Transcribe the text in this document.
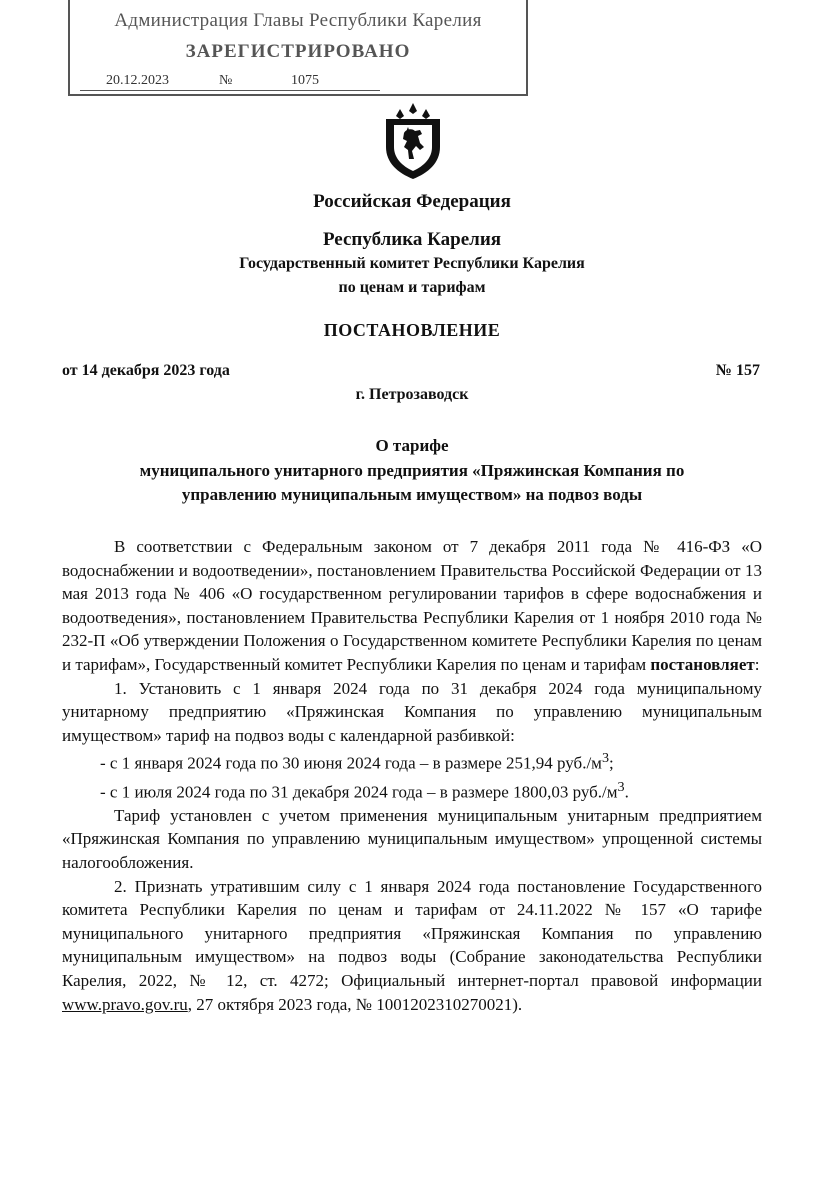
Администрация Главы Республики Карелия
ЗАРЕГИСТРИРОВАНО
20.12.2023	№	1075
Российская Федерация
Республика Карелия
Государственный комитет Республики Карелия
по ценам и тарифам
ПОСТАНОВЛЕНИЕ
от 14 декабря 2023 года	№ 157
г. Петрозаводск
О тарифе
муниципального унитарного предприятия «Пряжинская Компания по
управлению муниципальным имуществом» на подвоз воды

В соответствии с Федеральным законом от 7 декабря 2011 года № 416-ФЗ «О водоснабжении и водоотведении», постановлением Правительства Российской Федерации от 13 мая 2013 года № 406 «О государственном регулировании тарифов в сфере водоснабжения и водоотведения», постановлением Правительства Республики Карелия от 1 ноября 2010 года № 232-П «Об утверждении Положения о Государственном комитете Республики Карелия по ценам и тарифам», Государственный комитет Республики Карелия по ценам и тарифам постановляет:

1. Установить с 1 января 2024 года по 31 декабря 2024 года муниципальному унитарному предприятию «Пряжинская Компания по управлению муниципальным имуществом» тариф на подвоз воды с календарной разбивкой:

- с 1 января 2024 года по 30 июня 2024 года – в размере 251,94 $руб./м^3$;

- с 1 июля 2024 года по 31 декабря 2024 года – в размере 1800,03 $руб./м^3$.

Тариф установлен с учетом применения муниципальным унитарным предприятием «Пряжинская Компания по управлению муниципальным имуществом» упрощенной системы налогообложения.

2. Признать утратившим силу с 1 января 2024 года постановление Государственного комитета Республики Карелия по ценам и тарифам от 24.11.2022 № 157 «О тарифе муниципального унитарного предприятия «Пряжинская Компания по управлению муниципальным имуществом» на подвоз воды (Собрание законодательства Республики Карелия, 2022, № 12, ст. 4272; Официальный интернет-портал правовой информации www.pravo.gov.ru, 27 октября 2023 года, № 1001202310270021).
